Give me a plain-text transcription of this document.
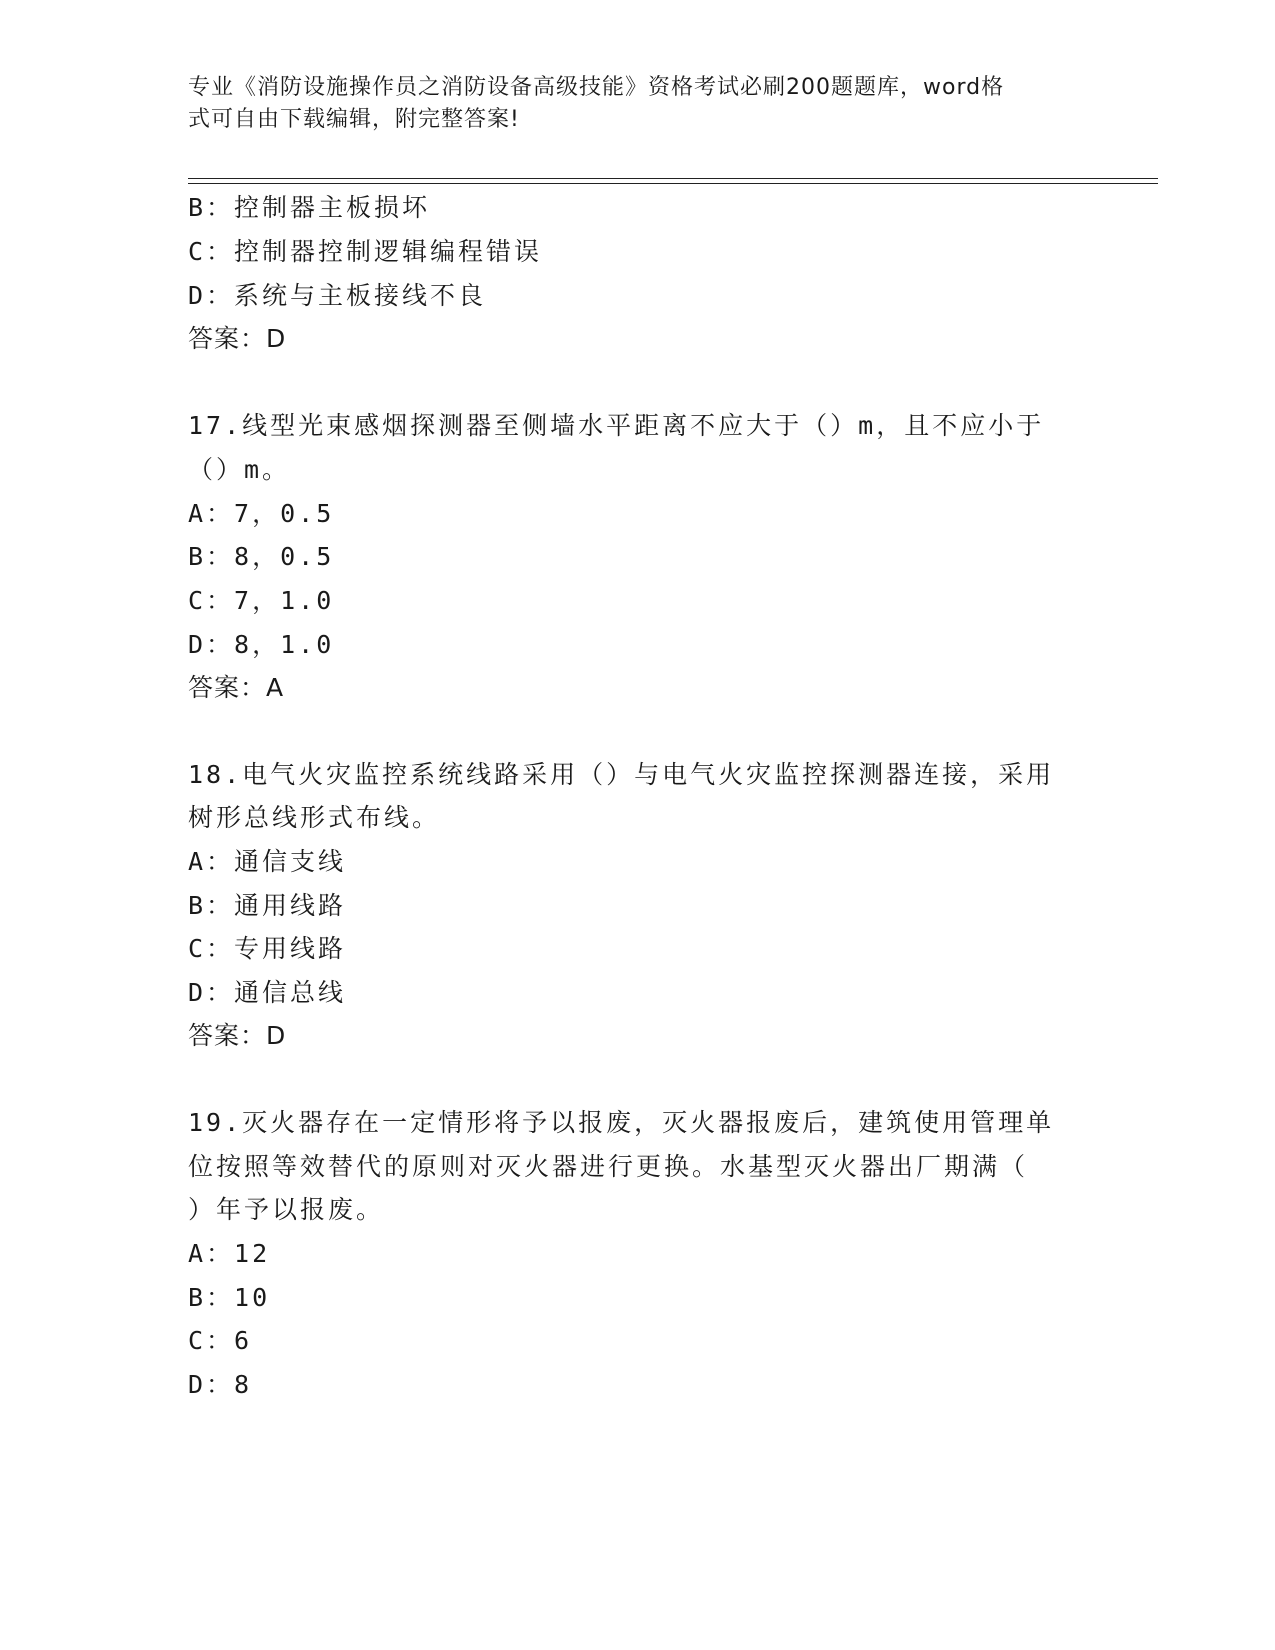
专业《消防设施操作员之消防设备高级技能》资格考试必刷200题题库，word格
式可自由下载编辑，附完整答案!
B：控制器主板损坏
C：控制器控制逻辑编程错误
D：系统与主板接线不良
答案：D
17.线型光束感烟探测器至侧墙水平距离不应大于（）m，且不应小于
（）m。
A：7，0.5
B：8，0.5
C：7，1.0
D：8，1.0
答案：A
18.电气火灾监控系统线路采用（）与电气火灾监控探测器连接，采用
树形总线形式布线。
A：通信支线
B：通用线路
C：专用线路
D：通信总线
答案：D
19.灭火器存在一定情形将予以报废，灭火器报废后，建筑使用管理单
位按照等效替代的原则对灭火器进行更换。水基型灭火器出厂期满（
）年予以报废。
A：12
B：10
C：6
D：8
